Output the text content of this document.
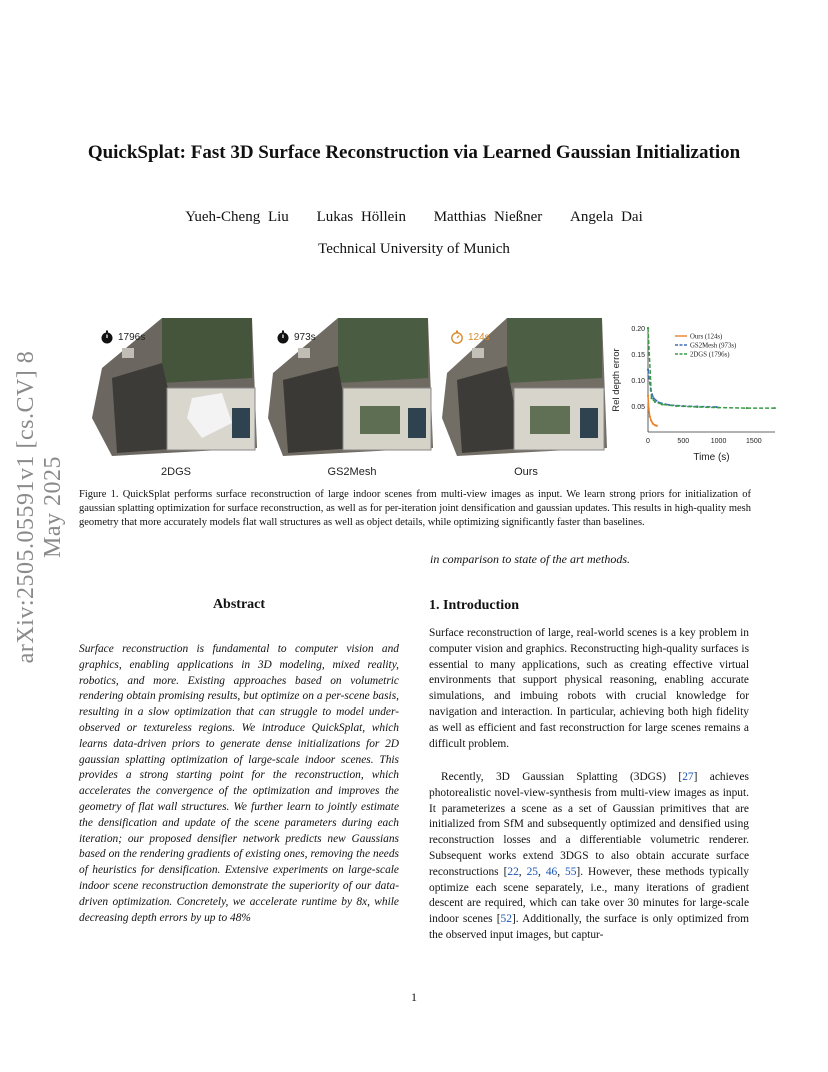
arXiv:2505.05591v1 [cs.CV] 8 May 2025
QuickSplat: Fast 3D Surface Reconstruction via Learned Gaussian Initialization
Yueh-Cheng Liu Lukas Höllein Matthias Nießner Angela Dai
Technical University of Munich
1796s
2DGS
973s
GS2Mesh
124s
Ours
0.05
0.10
0.15
0.20
0	500	1000	1500
Rel depth error
Time (s)
Ours (124s)
GS2Mesh (973s)
2DGS (1796s)
Figure 1. QuickSplat performs surface reconstruction of large indoor scenes from multi-view images as input. We learn strong priors for initialization of gaussian splatting optimization for surface reconstruction, as well as for per-iteration joint densification and gaussian updates. This results in high-quality mesh geometry that more accurately models flat wall structures as well as object details, while optimizing significantly faster than baselines.
in comparison to state of the art methods.
Abstract
Surface reconstruction is fundamental to computer vision and graphics, enabling applications in 3D modeling, mixed reality, robotics, and more. Existing approaches based on volumetric rendering obtain promising results, but optimize on a per-scene basis, resulting in a slow optimization that can struggle to model under-observed or textureless regions. We introduce QuickSplat, which learns data-driven priors to generate dense initializations for 2D gaussian splatting optimization of large-scale indoor scenes. This provides a strong starting point for the reconstruction, which accelerates the convergence of the optimization and improves the geometry of flat wall structures. We further learn to jointly estimate the densification and update of the scene parameters during each iteration; our proposed densifier network predicts new Gaussians based on the rendering gradients of existing ones, removing the needs of heuristics for densification. Extensive experiments on large-scale indoor scene reconstruction demonstrate the superiority of our data-driven optimization. Concretely, we accelerate runtime by 8x, while decreasing depth errors by up to 48%
1. Introduction
Surface reconstruction of large, real-world scenes is a key problem in computer vision and graphics. Reconstructing high-quality surfaces is essential to many applications, such as creating effective virtual environments that support physical reasoning, enabling accurate simulations, and imbuing robots with crucial knowledge for navigation and interaction. In particular, achieving both high fidelity as well as efficient and fast reconstruction for large scenes remains a difficult problem.
Recently, 3D Gaussian Splatting (3DGS) [27] achieves photorealistic novel-view-synthesis from multi-view images as input. It parameterizes a scene as a set of Gaussian primitives that are initialized from SfM and subsequently optimized and densified using reconstruction losses and a differentiable volumetric renderer. Subsequent works extend 3DGS to also obtain accurate surface reconstructions [22, 25, 46, 55]. However, these methods typically optimize each scene separately, i.e., many iterations of gradient descent are required, which can take over 30 minutes for large-scale indoor scenes [52]. Additionally, the surface is only optimized from the observed input images, but captur-
1
